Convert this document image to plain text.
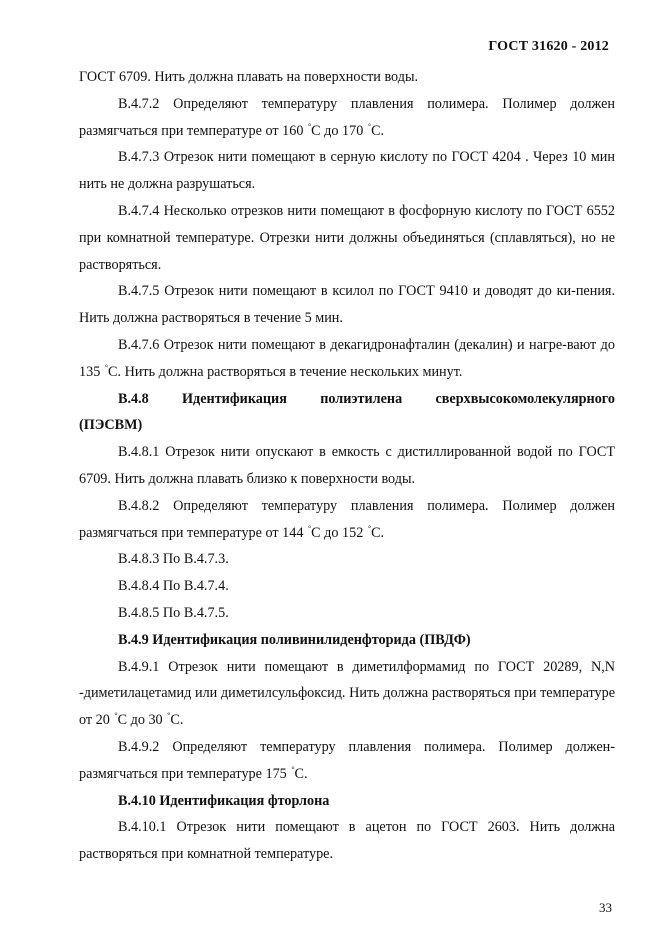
ГОСТ 31620 - 2012

ГОСТ 6709. Нить должна плавать на поверхности воды.

В.4.7.2 Определяют температуру плавления полимера. Полимер должен размягчаться при температуре от 160 °С до 170 °С.

В.4.7.3 Отрезок нити помещают в серную кислоту по ГОСТ 4204 . Через 10 мин нить не должна разрушаться.

В.4.7.4 Несколько отрезков нити помещают в фосфорную кислоту по ГОСТ 6552 при комнатной температуре. Отрезки нити должны объединяться (сплавляться), но не растворяться.

В.4.7.5 Отрезок нити помещают в ксилол по ГОСТ 9410 и доводят до ки-пения. Нить должна растворяться в течение 5 мин.

В.4.7.6 Отрезок нити помещают в декагидронафталин (декалин) и нагре-вают до 135 °С. Нить должна растворяться в течение нескольких минут.

В.4.8 Идентификация полиэтилена сверхвысокомолекулярного

(ПЭСВМ)

В.4.8.1 Отрезок нити опускают в емкость с дистиллированной водой по ГОСТ 6709. Нить должна плавать близко к поверхности воды.

В.4.8.2 Определяют температуру плавления полимера. Полимер должен размягчаться при температуре от 144 °С до 152 °С.

В.4.8.3 По В.4.7.3.

В.4.8.4 По В.4.7.4.

В.4.8.5 По В.4.7.5.

В.4.9 Идентификация поливинилиденфторида (ПВДФ)

В.4.9.1 Отрезок нити помещают в диметилформамид по ГОСТ 20289, N,N -диметилацетамид или диметилсульфоксид. Нить должна растворяться при температуре от 20 °С до 30 °С.

В.4.9.2 Определяют температуру плавления полимера. Полимер должен-размягчаться при температуре 175 °С.

В.4.10 Идентификация фторлона

В.4.10.1 Отрезок нити помещают в ацетон по ГОСТ 2603. Нить должна растворяться при комнатной температуре.

33
